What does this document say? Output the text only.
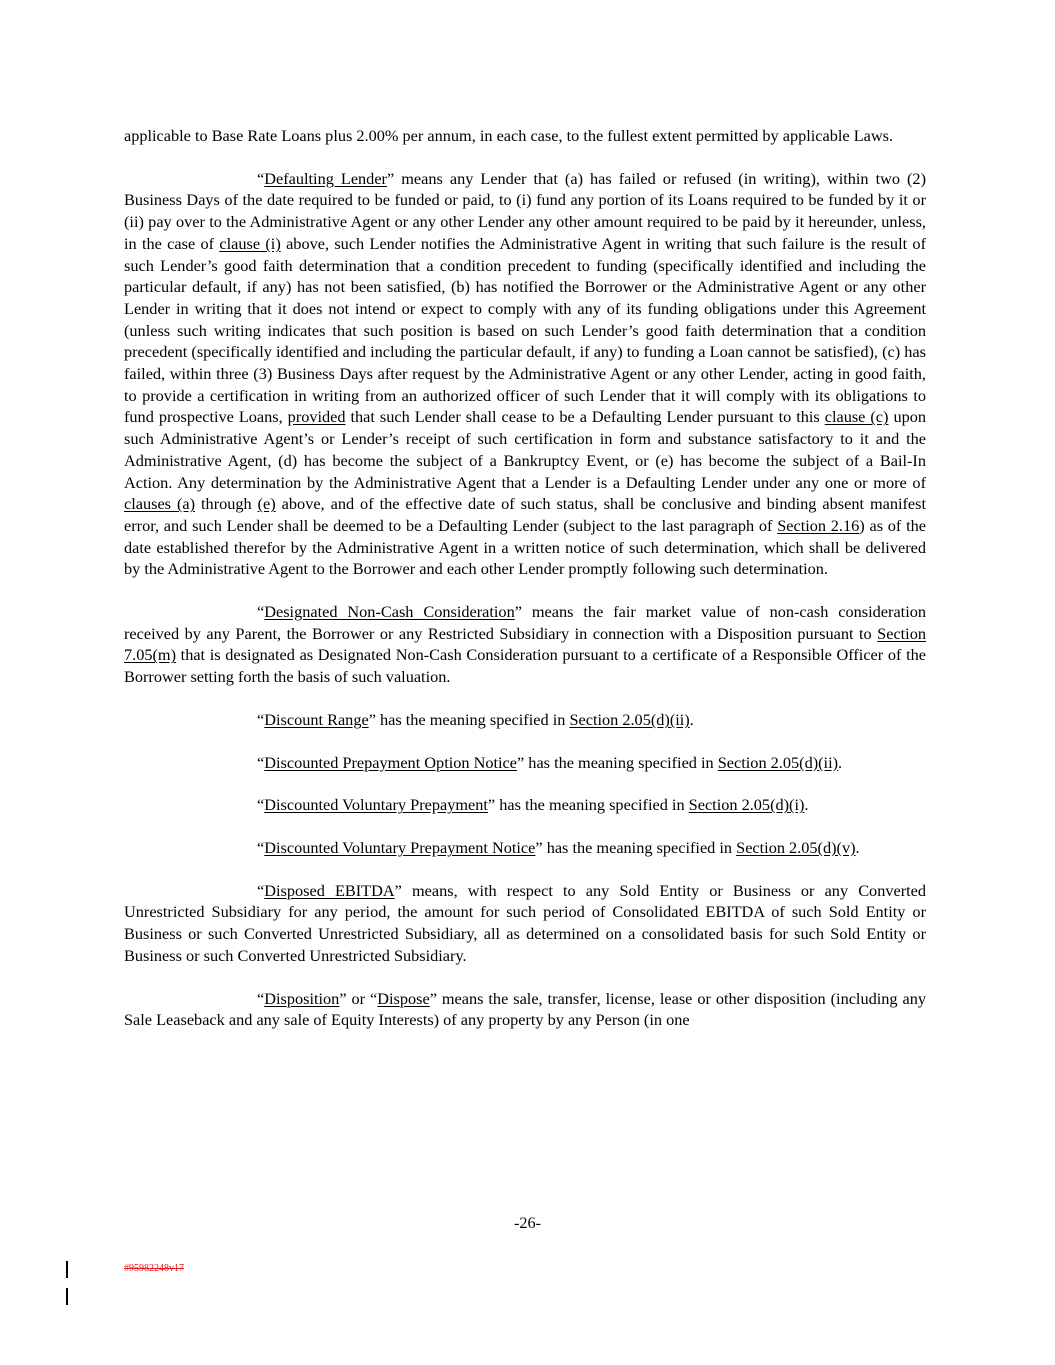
applicable to Base Rate Loans plus 2.00% per annum, in each case, to the fullest extent permitted by applicable Laws.

“Defaulting Lender” means any Lender that (a) has failed or refused (in writing), within two (2) Business Days of the date required to be funded or paid, to (i) fund any portion of its Loans required to be funded by it or (ii) pay over to the Administrative Agent or any other Lender any other amount required to be paid by it hereunder, unless, in the case of clause (i) above, such Lender notifies the Administrative Agent in writing that such failure is the result of such Lender’s good faith determination that a condition precedent to funding (specifically identified and including the particular default, if any) has not been satisfied, (b) has notified the Borrower or the Administrative Agent or any other Lender in writing that it does not intend or expect to comply with any of its funding obligations under this Agreement (unless such writing indicates that such position is based on such Lender’s good faith determination that a condition precedent (specifically identified and including the particular default, if any) to funding a Loan cannot be satisfied), (c) has failed, within three (3) Business Days after request by the Administrative Agent or any other Lender, acting in good faith, to provide a certification in writing from an authorized officer of such Lender that it will comply with its obligations to fund prospective Loans, provided that such Lender shall cease to be a Defaulting Lender pursuant to this clause (c) upon such Administrative Agent’s or Lender’s receipt of such certification in form and substance satisfactory to it and the Administrative Agent, (d) has become the subject of a Bankruptcy Event, or (e) has become the subject of a Bail-In Action. Any determination by the Administrative Agent that a Lender is a Defaulting Lender under any one or more of clauses (a) through (e) above, and of the effective date of such status, shall be conclusive and binding absent manifest error, and such Lender shall be deemed to be a Defaulting Lender (subject to the last paragraph of Section 2.16) as of the date established therefor by the Administrative Agent in a written notice of such determination, which shall be delivered by the Administrative Agent to the Borrower and each other Lender promptly following such determination.

“Designated Non-Cash Consideration” means the fair market value of non-cash consideration received by any Parent, the Borrower or any Restricted Subsidiary in connection with a Disposition pursuant to Section 7.05(m) that is designated as Designated Non-Cash Consideration pursuant to a certificate of a Responsible Officer of the Borrower setting forth the basis of such valuation.

“Discount Range” has the meaning specified in Section 2.05(d)(ii).

“Discounted Prepayment Option Notice” has the meaning specified in Section 2.05(d)(ii).

“Discounted Voluntary Prepayment” has the meaning specified in Section 2.05(d)(i).

“Discounted Voluntary Prepayment Notice” has the meaning specified in Section 2.05(d)(v).

“Disposed EBITDA” means, with respect to any Sold Entity or Business or any Converted Unrestricted Subsidiary for any period, the amount for such period of Consolidated EBITDA of such Sold Entity or Business or such Converted Unrestricted Subsidiary, all as determined on a consolidated basis for such Sold Entity or Business or such Converted Unrestricted Subsidiary.

“Disposition” or “Dispose” means the sale, transfer, license, lease or other disposition (including any Sale Leaseback and any sale of Equity Interests) of any property by any Person (in one

-26-
#95982248v17
